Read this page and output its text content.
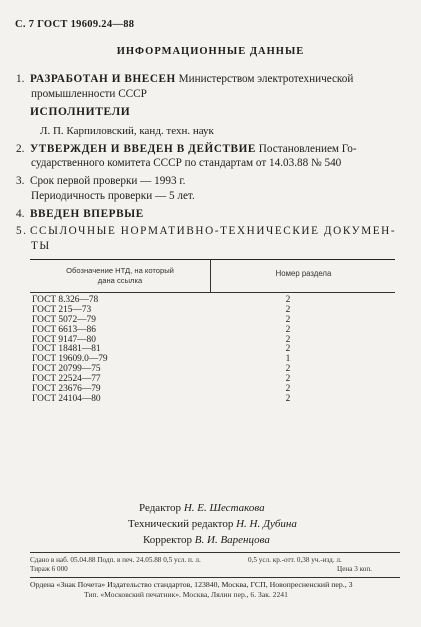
С. 7 ГОСТ 19609.24—88
ИНФОРМАЦИОННЫЕ ДАННЫЕ
1. РАЗРАБОТАН И ВНЕСЕН Министерством электротехнической
промышленности СССР
ИСПОЛНИТЕЛИ
Л. П. Карпиловский, канд. техн. наук
2. УТВЕРЖДЕН И ВВЕДЕН В ДЕЙСТВИЕ Постановлением Го-
сударственного комитета СССР по стандартам от 14.03.88 № 540
3. Срок первой проверки — 1993 г.
Периодичность проверки — 5 лет.
4. ВВЕДЕН ВПЕРВЫЕ
5. ССЫЛОЧНЫЕ НОРМАТИВНО-ТЕХНИЧЕСКИЕ ДОКУМЕН-
ТЫ
Обозначение НТД, на который
дана ссылка
Номер раздела
ГОСТ 8.326—78	2
ГОСТ 215—73	2
ГОСТ 5072—79	2
ГОСТ 6613—86	2
ГОСТ 9147—80	2
ГОСТ 18481—81	2
ГОСТ 19609.0—79	1
ГОСТ 20799—75	2
ГОСТ 22524—77	2
ГОСТ 23676—79	2
ГОСТ 24104—80	2
Редактор Н. Е. Шестакова
Технический редактор Н. Н. Дубина
Корректор В. И. Варенцова
Сдано в наб. 05.04.88 Подп. в печ. 24.05.88 0,5 усл. п. л.	0,5 усл. кр.-отт. 0,38 уч.-изд. л.
Тираж 6 000	Цена 3 коп.
Ордена «Знак Почета» Издательство стандартов, 123840, Москва, ГСП, Новопресненский пер., 3
Тип. «Московский печатник». Москва, Лялин пер., 6. Зак. 2241
